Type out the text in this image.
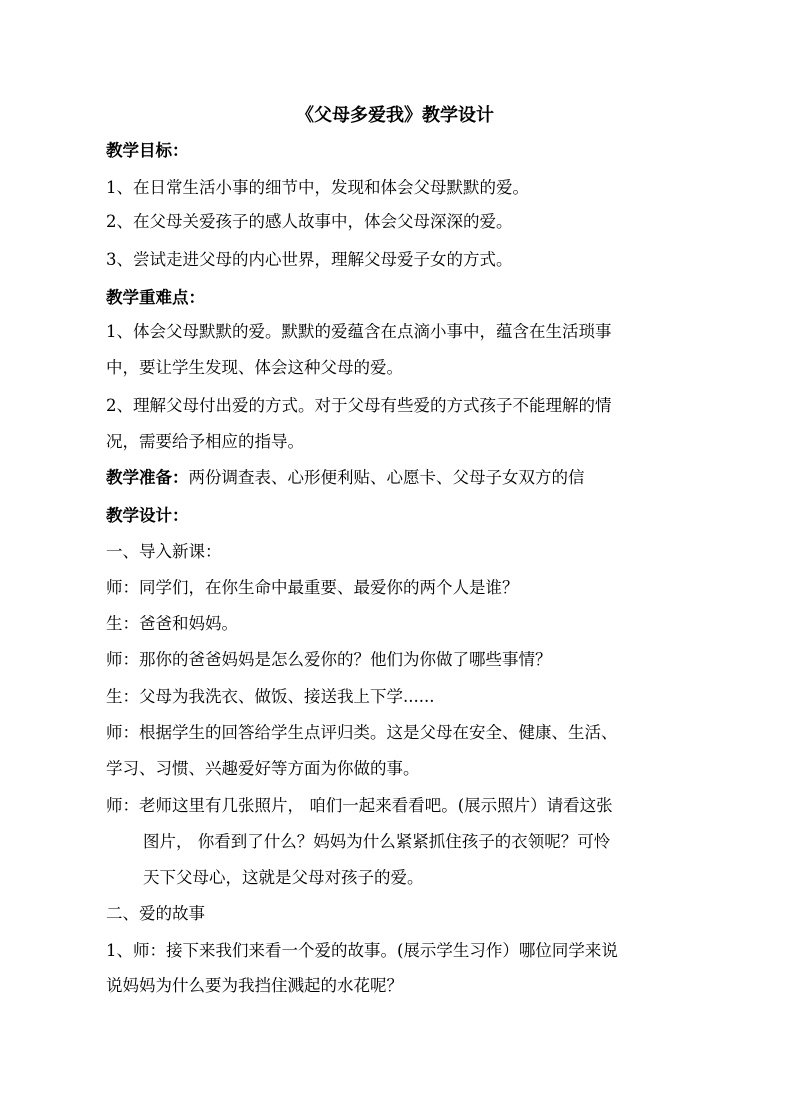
《父母多爱我》教学设计
教学目标：
1、在日常生活小事的细节中，发现和体会父母默默的爱。
2、在父母关爱孩子的感人故事中，体会父母深深的爱。
3、尝试走进父母的内心世界，理解父母爱子女的方式。
教学重难点：
1、体会父母默默的爱。默默的爱蕴含在点滴小事中，蕴含在生活琐事
中，要让学生发现、体会这种父母的爱。
2、理解父母付出爱的方式。对于父母有些爱的方式孩子不能理解的情
况，需要给予相应的指导。
教学准备：两份调查表、心形便利贴、心愿卡、父母子女双方的信
教学设计：
一、导入新课：
师：同学们，在你生命中最重要、最爱你的两个人是谁？
生：爸爸和妈妈。
师：那你的爸爸妈妈是怎么爱你的？他们为你做了哪些事情？
生：父母为我洗衣、做饭、接送我上下学......
师：根据学生的回答给学生点评归类。这是父母在安全、健康、生活、
学习、习惯、兴趣爱好等方面为你做的事。
师：老师这里有几张照片， 咱们一起来看看吧。(展示照片）请看这张
图片， 你看到了什么？妈妈为什么紧紧抓住孩子的衣领呢？可怜
天下父母心，这就是父母对孩子的爱。
二、爱的故事
1、师：接下来我们来看一个爱的故事。(展示学生习作）哪位同学来说
说妈妈为什么要为我挡住溅起的水花呢？
